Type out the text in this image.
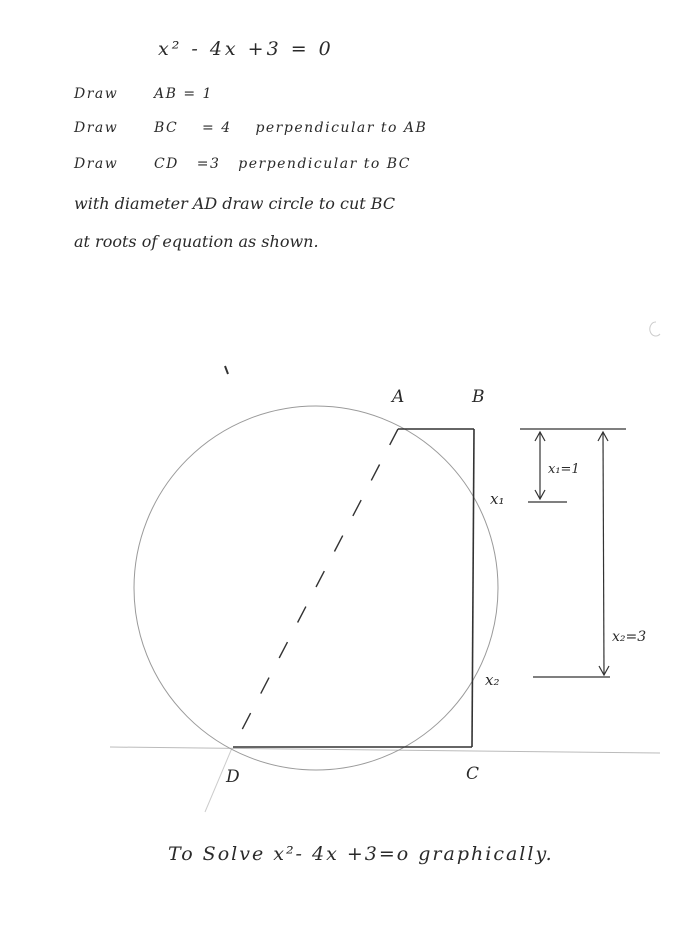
x² - 4x +3 = 0
Draw	AB = 1
Draw	BC = 4 perpendicular to AB
Draw	CD =3 perpendicular to BC
with diameter AD draw circle to cut BC
at roots of equation as shown.
A	B
C
D
x₁
x₂
x₁=1
x₂=3
To Solve x²- 4x +3=o graphically.
